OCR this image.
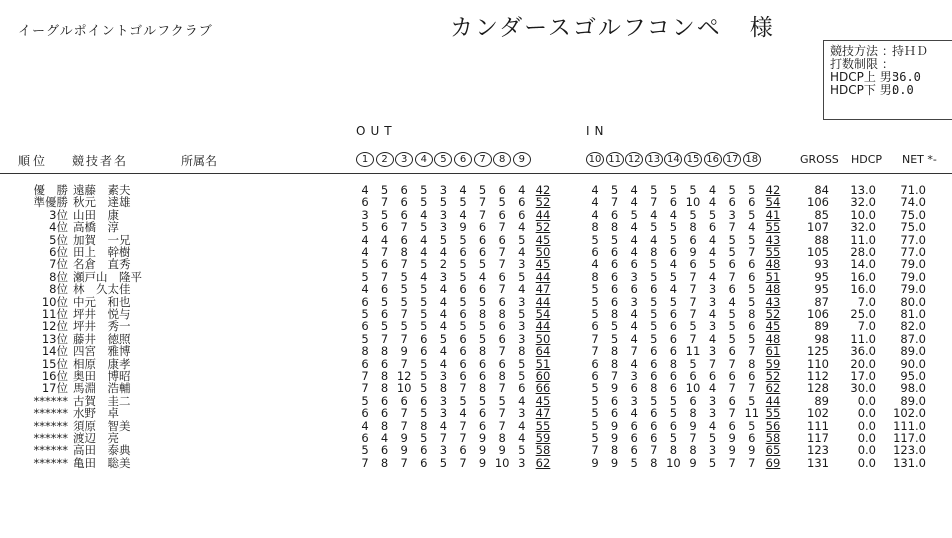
イーグルポイントゴルフクラブ	カンダースゴルフコンペ 様
競技方法 ：持ＨＤ
打数制限 ：
HDCP上 男:36.0
HDCP下 男:0.0
OUT	IN
順位 競技者名	所属名	1	2	3	4	5	6	7	8	9	10 11 12 13 14 15 16 17 18	GROSS HDCP NET *-
優　勝 遠藤　素夫	4	5	6	5	3	4	5	6	4 42	4	5	4	5	5	5	4	5	5 42	84 13.0 71.0
準優勝 秋元　達雄	6	7	6	5	5	5	7	5	6 52	4	7	4	7	6 10 4	6	6 54	106 32.0 74.0
3位 山田　康	3	5	6	4	3	4	7	6	6 44	4	6	5	4	4	5	5	3	5 41	85 10.0 75.0
4位 高橋　淳	5	6	7	5	3	9	6	7	4 52	8	8	4	5	5	8	6	7	4 55	107 32.0 75.0
5位 加賀　一兄	4	4	6	4	5	5	6	6	5 45	5	5	4	4	5	6	4	5	5 43	88 11.0 77.0
6位 田上　幹樹	4	7	8	4	4	6	6	7	4 50	6	6	4	8	6	9	4	5	7 55	105 28.0 77.0
7位 名倉　直秀	5	6	7	5	2	5	5	7	3 45	4	6	6	5	4	6	5	6	6 48	93 14.0 79.0
8位 瀬戸山　隆平	5	7	5	4	3	5	4	6	5 44	8	6	3	5	5	7	4	7	6 51	95 16.0 79.0
8位 林　久太佳	4	6	5	5	4	6	6	7	4 47	5	6	6	6	4	7	3	6	5 48	95 16.0 79.0
10位 中元　和也	6	5	5	5	4	5	5	6	3 44	5	6	3	5	5	7	3	4	5 43	87 7.0 80.0
11位 坪井　悦与	5	6	7	5	4	6	8	8	5 54	5	8	4	5	6	7	4	5	8 52	106 25.0 81.0
12位 坪井　秀一	6	5	5	5	4	5	5	6	3 44	6	5	4	5	6	5	3	5	6 45	89 7.0 82.0
13位 藤井　徳照	5	7	7	6	5	6	5	6	3 50	7	5	4	5	6	7	4	5	5 48	98 11.0 87.0
14位 四宮　雅博	8	8	9	6	4	6	8	7	8 64	7	8	7	6	6 11 3	6	7 61	125 36.0 89.0
15位 相原　康孝	6	6	7	5	4	6	6	6	5 51	6	8	4	6	8	5	7	7	8 59	110 20.0 90.0
16位 奥田　博昭	7	8 12 5	3	6	6	8	5 60	6	7	3	6	6	6	6	6	6 52	112 17.0 95.0
17位 馬淵　浩輔	7	8 10 5	8	7	8	7	6 66	5	9	6	8	6 10 4	7	7 62	128 30.0 98.0
****** 古賀　圭二	5	6	6	6	3	5	5	5	4 45	5	6	3	5	5	6	3	6	5 44	89 0.0 89.0
****** 水野　卓	6	6	7	5	3	4	6	7	3 47	5	6	4	6	5	8	3	7 11 55	102 0.0 102.0
****** 須原　智美	4	8	7	8	4	7	6	7	4 55	5	9	6	6	6	9	4	6	5 56	111 0.0 111.0
****** 渡辺　亮	6	4	9	5	7	7	9	8	4 59	5	9	6	6	5	7	5	9	6 58	117 0.0 117.0
****** 高田　泰典	5	6	9	6	3	6	9	9	5 58	7	8	6	7	8	8	3	9	9 65	123 0.0 123.0
****** 亀田　聡美	7	8	7	6	5	7	9 10 3 62	9	9	5	8 10 9	5	7	7 69	131 0.0 131.0
